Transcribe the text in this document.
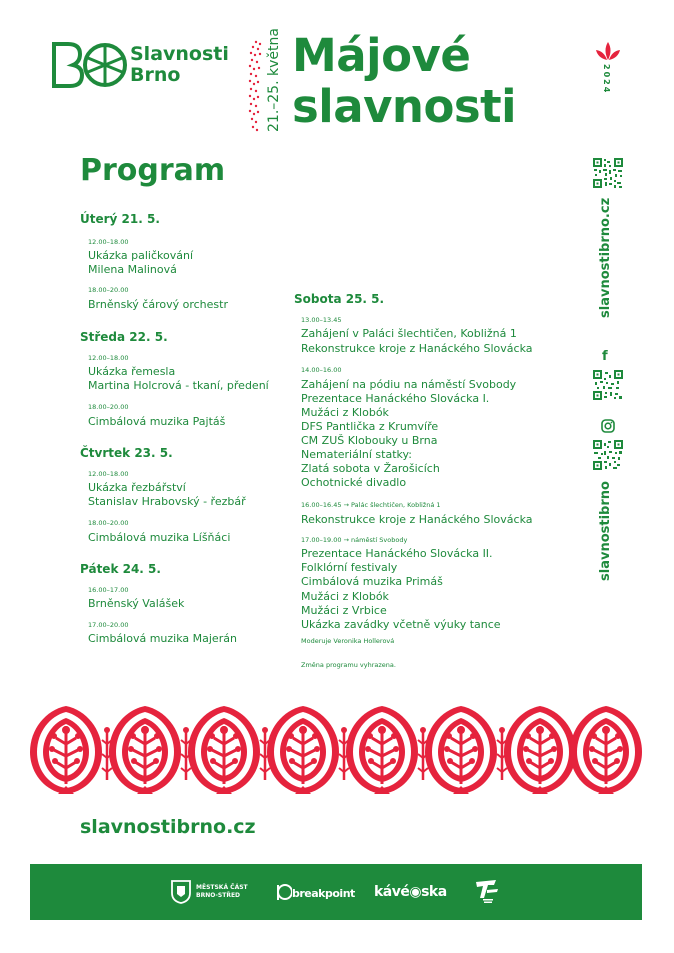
Slavnosti
Brno	21.–25. května Májové
slavnosti
2024
Program
Úterý 21. 5.
12.00–18.00
Ukázka paličkování
Milena Malinová
18.00–20.00
Brněnský čárový orchestr
Středa 22. 5.
12.00–18.00
Ukázka řemesla
Martina Holcrová - tkaní, předení
18.00–20.00
Cimbálová muzika Pajtáš
Čtvrtek 23. 5.
12.00–18.00
Ukázka řezbářství
Stanislav Hrabovský - řezbář
18.00–20.00
Cimbálová muzika Líšňáci
Pátek 24. 5.
16.00–17.00
Brněnský Valášek
17.00–20.00
Cimbálová muzika Majerán
Sobota 25. 5.
13.00–13.45
Zahájení v Paláci šlechtičen, Kobližná 1
Rekonstrukce kroje z Hanáckého Slovácka
14.00–16.00
Zahájení na pódiu na náměstí Svobody
Prezentace Hanáckého Slovácka I.
Mužáci z Klobók
DFS Pantlička z Krumvíře
CM ZUŠ Klobouky u Brna
Nemateriální statky:
Zlatá sobota v Žarošicích
Ochotnické divadlo
16.00–16.45 → Palác šlechtičen, Kobližná 1
Rekonstrukce kroje z Hanáckého Slovácka
17.00–19.00 → náměstí Svobody
Prezentace Hanáckého Slovácka II.
Folklórní festivaly
Cimbálová muzika Primáš
Mužáci z Klobók
Mužáci z Vrbice
Ukázka zavádky včetně výuky tance
Moderuje Veronika Hollerová
Změna programu vyhrazena.
slavnostibrno.cz
f
slavnostibrno
slavnostibrno.cz
MĚSTSKÁ ČÁST
BRNO-STŘED	breakpoint kávé◉ska
